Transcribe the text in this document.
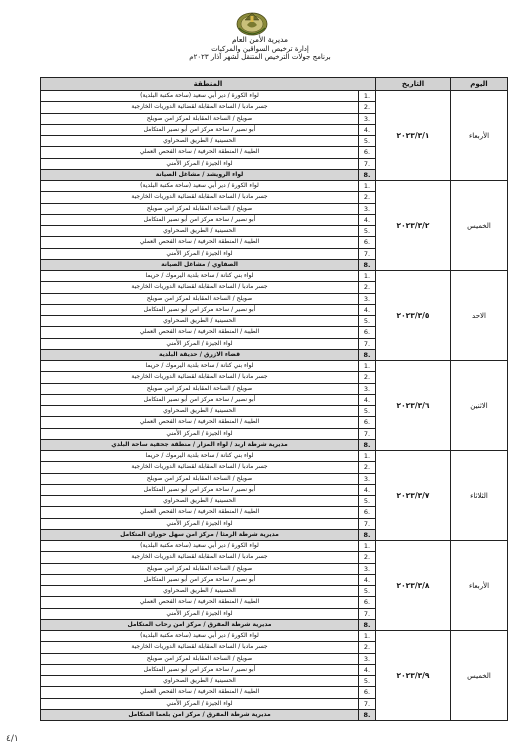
مديرية الأمن العام
إدارة ترخيص السواقين والمركبات
برنامج جولات الترخيص المتنقل لشهر آذار ٢٠٢٣م
اليوم	التاريخ	المنطقة	
الأربعاء	٢٠٢٣/٣/١	1.	لواء الكورة / دير أبي سعيد (ساحة مكتبة البلدية)
		2.	جسر مادبا / الساحة المقابلة لقضائية الدوريات الخارجية
		3.	صويلح / الساحة المقابلة لمركز امن صويلح
		4.	أبو نصير / ساحة مركز امن أبو نصير المتكامل
		5.	الحسينية / الطريق الصحراوي
		6.	الطيبة / المنطقة الحرفية / ساحة الفحص العملي
		7.	لواء الجيزة / المركز الأمني
		8.	لواء الرويشد / مشاغل الصيانة
الخميس	٢٠٢٣/٣/٢	1.	لواء الكورة / دير أبي سعيد (ساحة مكتبة البلدية)
		2.	جسر مادبا / الساحة المقابلة لقضائية الدوريات الخارجية
		3.	صويلح / الساحة المقابلة لمركز امن صويلح
		4.	أبو نصير / ساحة مركز امن أبو نصير المتكامل
		5.	الحسينية / الطريق الصحراوي
		6.	الطيبة / المنطقة الحرفية / ساحة الفحص العملي
		7.	لواء الجيزة / المركز الأمني
		8.	الصفاوي / مشاغل الصيانة
الاحد	٢٠٢٣/٣/٥	1.	لواء بني كنانة / ساحة بلدية اليرموك / حريما
		2.	جسر مادبا / الساحة المقابلة لقضائية الدوريات الخارجية
		3.	صويلح / الساحة المقابلة لمركز امن صويلح
		4.	أبو نصير / ساحة مركز امن أبو نصير المتكامل
		5.	الحسينية / الطريق الصحراوي
		6.	الطيبة / المنطقة الحرفية / ساحة الفحص العملي
		7.	لواء الجيزة / المركز الأمني
		8.	قضاء الازرق / حديقة البلدية
الاثنين	٢٠٢٣/٣/٦	1.	لواء بني كنانة / ساحة بلدية اليرموك / حريما
		2.	جسر مادبا / الساحة المقابلة لقضائية الدوريات الخارجية
		3.	صويلح / الساحة المقابلة لمركز امن صويلح
		4.	أبو نصير / ساحة مركز امن أبو نصير المتكامل
		5.	الحسينية / الطريق الصحراوي
		6.	الطيبة / المنطقة الحرفية / ساحة الفحص العملي
		7.	لواء الجيزة / المركز الأمني
		8.	مديرية شرطة اربد / لواء المزار / منطقة جحفية ساحة البلدي
الثلاثاء	٢٠٢٣/٣/٧	1.	لواء بني كنانة / ساحة بلدية اليرموك / حريما
		2.	جسر مادبا / الساحة المقابلة لقضائية الدوريات الخارجية
		3.	صويلح / الساحة المقابلة لمركز امن صويلح
		4.	أبو نصير / ساحة مركز امن أبو نصير المتكامل
		5.	الحسينية / الطريق الصحراوي
		6.	الطيبة / المنطقة الحرفية / ساحة الفحص العملي
		7.	لواء الجيزة / المركز الأمني
		8.	مديرية شرطة الرمثا / مركز امن سهل حوران المتكامل
الأربعاء	٢٠٢٣/٣/٨	1.	لواء الكورة / دير أبي سعيد (ساحة مكتبة البلدية)
		2.	جسر مادبا / الساحة المقابلة لقضائية الدوريات الخارجية
		3.	صويلح / الساحة المقابلة لمركز امن صويلح
		4.	أبو نصير / ساحة مركز امن أبو نصير المتكامل
		5.	الحسينية / الطريق الصحراوي
		6.	الطيبة / المنطقة الحرفية / ساحة الفحص العملي
		7.	لواء الجيزة / المركز الأمني
		8.	مديرية شرطة المفرق / مركز امن رحاب المتكامل
الخميس	٢٠٢٣/٣/٩	1.	لواء الكورة / دير أبي سعيد (ساحة مكتبة البلدية)
		2.	جسر مادبا / الساحة المقابلة لقضائية الدوريات الخارجية
		3.	صويلح / الساحة المقابلة لمركز امن صويلح
		4.	أبو نصير / ساحة مركز امن أبو نصير المتكامل
		5.	الحسينية / الطريق الصحراوي
		6.	الطيبة / المنطقة الحرفية / ساحة الفحص العملي
		7.	لواء الجيزة / المركز الأمني
		8.	مديرية شرطة المفرق / مركز امن بلعما المتكامل
٤/١
